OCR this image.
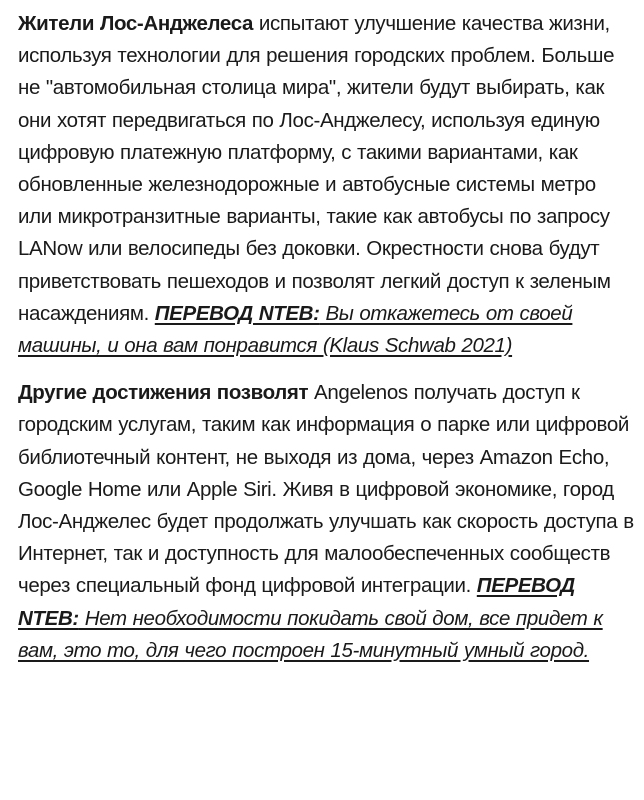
Жители Лос-Анджелеса испытают улучшение качества жизни, используя технологии для решения городских проблем. Больше не "автомобильная столица мира", жители будут выбирать, как они хотят передвигаться по Лос-Анджелесу, используя единую цифровую платежную платформу, с такими вариантами, как обновленные железнодорожные и автобусные системы метро или микротранзитные варианты, такие как автобусы по запросу LANow или велосипеды без доковки. Окрестности снова будут приветствовать пешеходов и позволят легкий доступ к зеленым насаждениям. ПЕРЕВОД NTEB: Вы откажетесь от своей машины, и она вам понравится (Klaus Schwab 2021)

Другие достижения позволят Angelenos получать доступ к городским услугам, таким как информация о парке или цифровой библиотечный контент, не выходя из дома, через Amazon Echo, Google Home или Apple Siri. Живя в цифровой экономике, город Лос-Анджелес будет продолжать улучшать как скорость доступа в Интернет, так и доступность для малообеспеченных сообществ через специальный фонд цифровой интеграции. ПЕРЕВОД NTEB: Нет необходимости покидать свой дом, все придет к вам, это то, для чего построен 15-минутный умный город.
